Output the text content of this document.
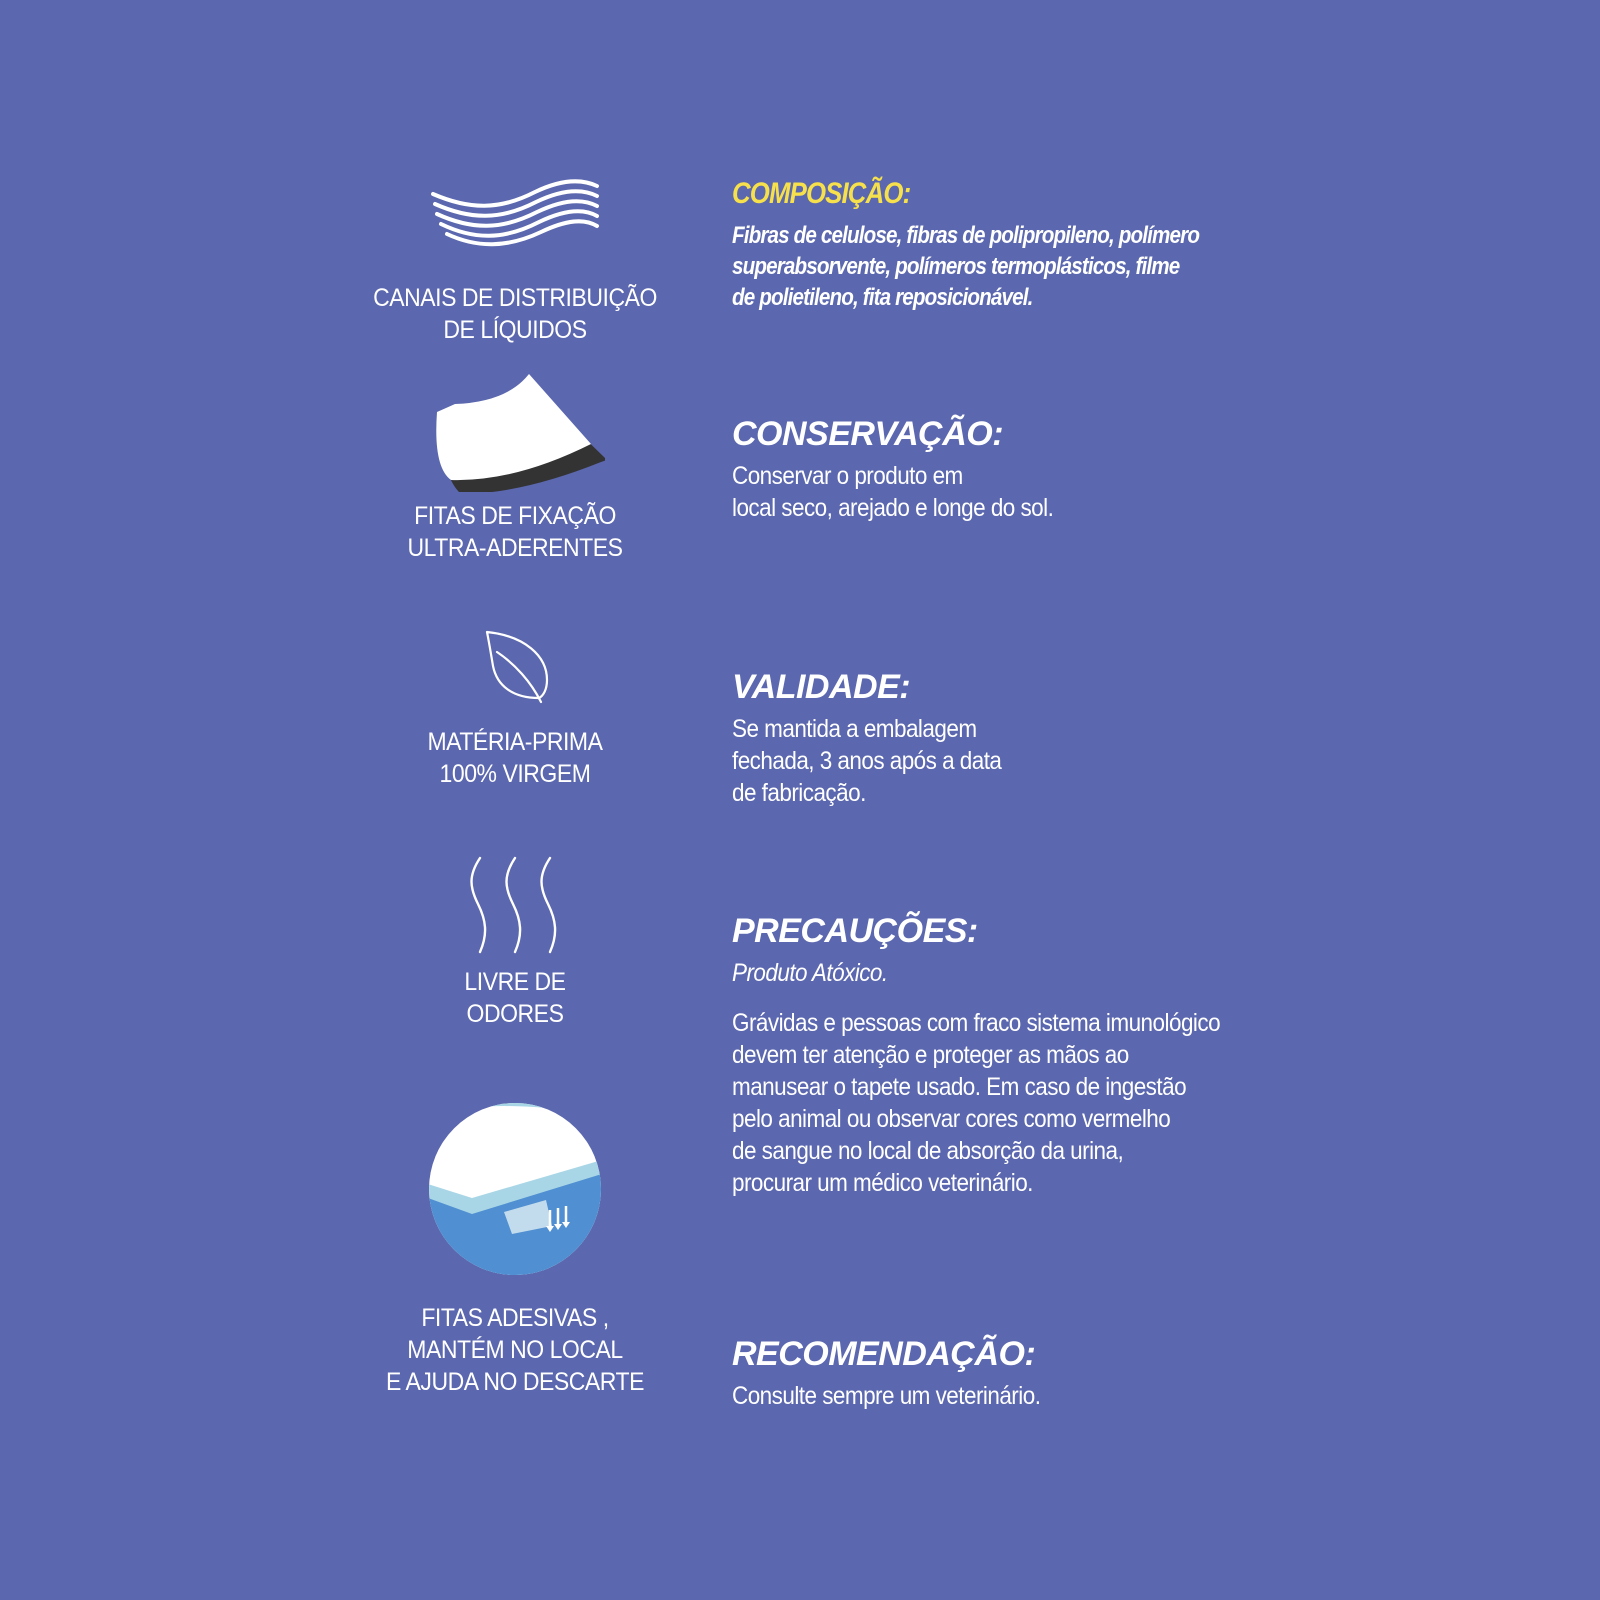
CANAIS DE DISTRIBUIÇÃO
DE LÍQUIDOS
FITAS DE FIXAÇÃO
ULTRA-ADERENTES
MATÉRIA-PRIMA
100% VIRGEM
LIVRE DE
ODORES
FITAS ADESIVAS ,
MANTÉM NO LOCAL
E AJUDA NO DESCARTE
COMPOSIÇÃO:
Fibras de celulose, fibras de polipropileno, polímero
superabsorvente, polímeros termoplásticos, filme
de polietileno, fita reposicionável.
CONSERVAÇÃO:
Conservar o produto em
local seco, arejado e longe do sol.
VALIDADE:
Se mantida a embalagem
fechada, 3 anos após a data
de fabricação.
PRECAUÇÕES:
Produto Atóxico.
Grávidas e pessoas com fraco sistema imunológico
devem ter atenção e proteger as mãos ao
manusear o tapete usado. Em caso de ingestão
pelo animal ou observar cores como vermelho
de sangue no local de absorção da urina,
procurar um médico veterinário.
RECOMENDAÇÃO:
Consulte sempre um veterinário.
